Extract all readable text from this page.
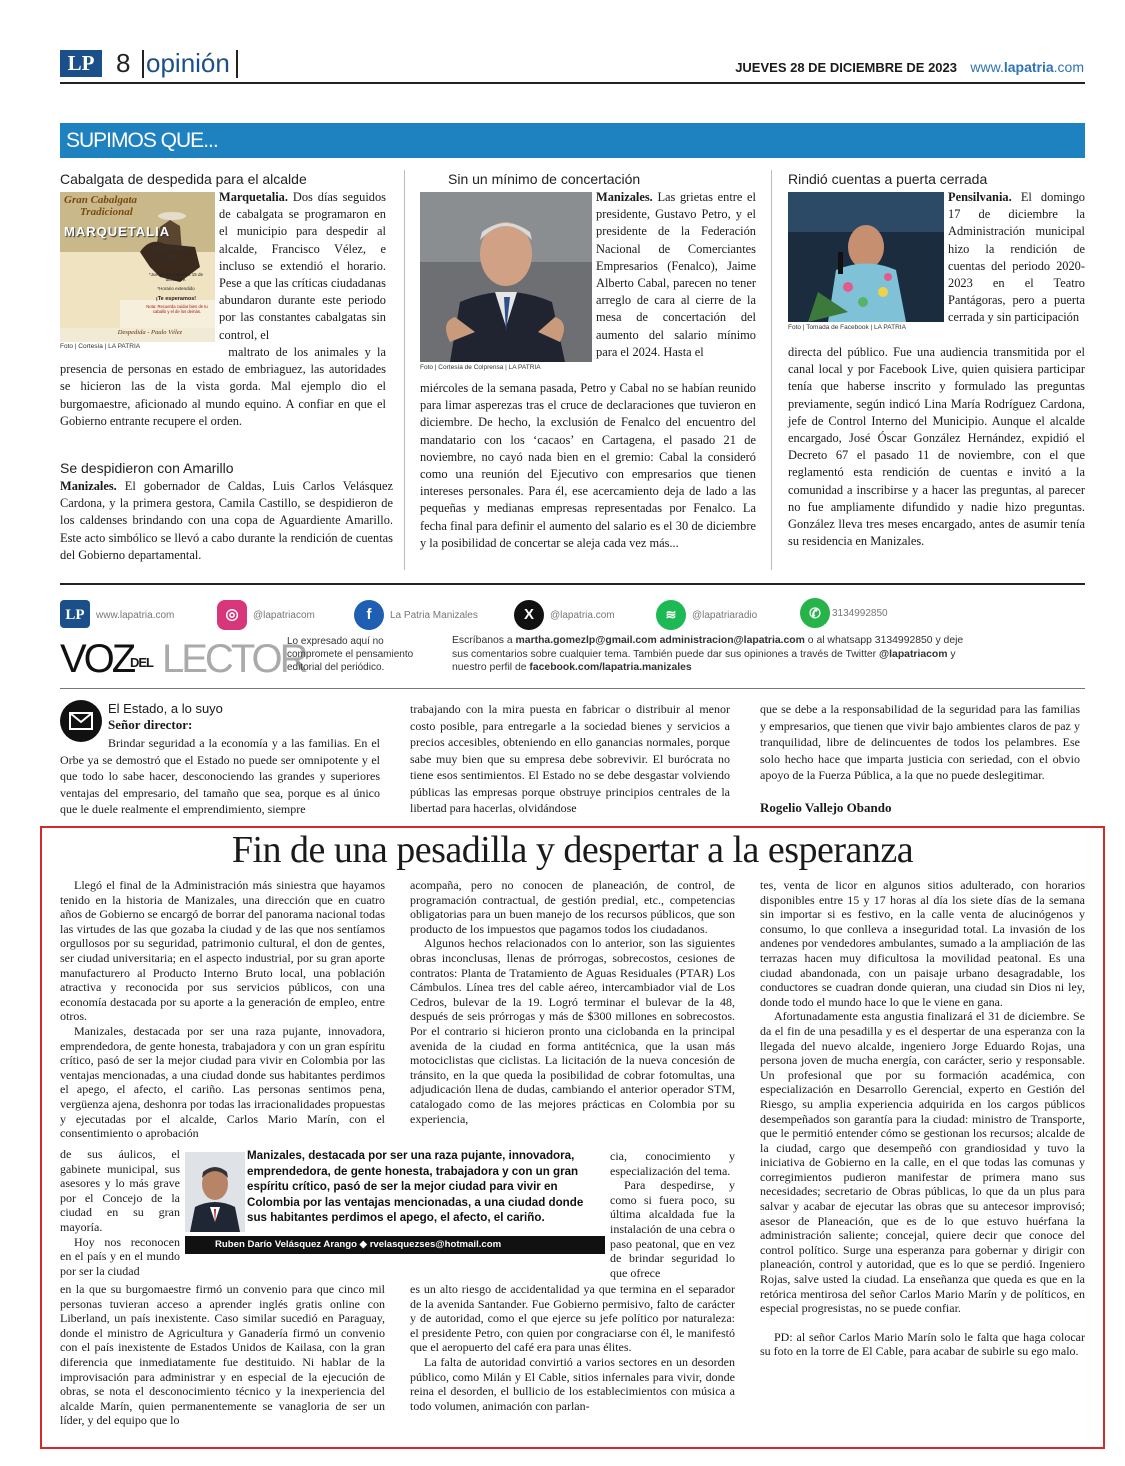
LP 8 opinión	JUEVES 28 DE DICIEMBRE DE 2023 www.lapatria.com
SUPIMOS QUE...
Cabalgata de despedida para el alcalde
Gran Cabalgata
Tradicional
MARQUETALIA
Ven a montar
café
*Jueves 14 y viernes 15 de diciembre.
*Horario extendido
¡Te esperamos!
Nota: Recuerda cuidar bien de tu caballo y el de los demás.
Despedida - Paulo Vélez
Foto | Cortesía | LA PATRIA
Marquetalia. Dos días seguidos de cabalgata se programaron en el municipio para despedir al alcalde, Francisco Vélez, e incluso se extendió el horario. Pese a que las críticas ciudadanas abundaron durante este periodo por las constantes cabalgatas sin control, el
maltrato de los animales y la presencia de personas en estado de embriaguez, las autoridades se hicieron las de la vista gorda. Mal ejemplo dio el burgomaestre, aficionado al mundo equino. A confiar en que el Gobierno entrante recupere el orden.
Se despidieron con Amarillo
Manizales. El gobernador de Caldas, Luis Carlos Velásquez Cardona, y la primera gestora, Camila Castillo, se despidieron de los caldenses brindando con una copa de Aguardiente Amarillo. Este acto simbólico se llevó a cabo durante la rendición de cuentas del Gobierno departamental.
Sin un mínimo de concertación
Foto | Cortesía de Colprensa | LA PATRIA
Manizales. Las grietas entre el presidente, Gustavo Petro, y el presidente de la Federación Nacional de Comerciantes Empresarios (Fenalco), Jaime Alberto Cabal, parecen no tener arreglo de cara al cierre de la mesa de concertación del aumento del salario mínimo para el 2024. Hasta el
miércoles de la semana pasada, Petro y Cabal no se habían reunido para limar asperezas tras el cruce de declaraciones que tuvieron en diciembre. De hecho, la exclusión de Fenalco del encuentro del mandatario con los ‘cacaos’ en Cartagena, el pasado 21 de noviembre, no cayó nada bien en el gremio: Cabal la consideró como una reunión del Ejecutivo con empresarios que tienen intereses personales. Para él, ese acercamiento deja de lado a las pequeñas y medianas empresas representadas por Fenalco. La fecha final para definir el aumento del salario es el 30 de diciembre y la posibilidad de concertar se aleja cada vez más...
Rindió cuentas a puerta cerrada
Foto | Tomada de Facebook | LA PATRIA
Pensilvania. El domingo 17 de diciembre la Administración municipal hizo la rendición de cuentas del periodo 2020-2023 en el Teatro Pantágoras, pero a puerta cerrada y sin participación
directa del público. Fue una audiencia transmitida por el canal local y por Facebook Live, quien quisiera participar tenía que haberse inscrito y formulado las preguntas previamente, según indicó Lina María Rodríguez Cardona, jefe de Control Interno del Municipio. Aunque el alcalde encargado, José Óscar González Hernández, expidió el Decreto 67 el pasado 11 de noviembre, con el que reglamentó esta rendición de cuentas e invitó a la comunidad a inscribirse y a hacer las preguntas, al parecer no fue ampliamente difundido y nadie hizo preguntas. González lleva tres meses encargado, antes de asumir tenía su residencia en Manizales.
LP	www.lapatria.com	◎	@lapatriacom	f	La Patria Manizales	X	@lapatria.com	≋	@lapatriaradio	✆	3134992850
VOZ
DEL LECTOR
Lo expresado aquí no compromete el pensamiento editorial del periódico.
Escríbanos a martha.gomezlp@gmail.com administracion@lapatria.com o al whatsapp 3134992850 y deje sus comentarios sobre cualquier tema. También puede dar sus opiniones a través de Twitter @lapatriacom y nuestro perfil de facebook.com/lapatria.manizales
El Estado, a lo suyo
Señor director:
Brindar seguridad a la economía y a las familias. En el Orbe ya se demostró que el Estado no puede ser omnipotente y el que todo lo sabe hacer, desconociendo las grandes y superiores ventajas del empresario, del tamaño que sea, porque es al único que le duele realmente el emprendimiento, siempre
trabajando con la mira puesta en fabricar o distribuir al menor costo posible, para entregarle a la sociedad bienes y servicios a precios accesibles, obteniendo en ello ganancias normales, porque sabe muy bien que su empresa debe sobrevivir. El burócrata no tiene esos sentimientos. El Estado no se debe desgastar volviendo públicas las empresas porque obstruye principios centrales de la libertad para hacerlas, olvidándose
que se debe a la responsabilidad de la seguridad para las familias y empresarios, que tienen que vivir bajo ambientes claros de paz y tranquilidad, libre de delincuentes de todos los pelambres. Ese solo hecho hace que imparta justicia con seriedad, con el obvio apoyo de la Fuerza Pública, a la que no puede deslegitimar.
Rogelio Vallejo Obando
Fin de una pesadilla y despertar a la esperanza

Llegó el final de la Administración más siniestra que hayamos tenido en la historia de Manizales, una dirección que en cuatro años de Gobierno se encargó de borrar del panorama nacional todas las virtudes de las que gozaba la ciudad y de las que nos sentíamos orgullosos por su seguridad, patrimonio cultural, el don de gentes, ser ciudad universitaria; en el aspecto industrial, por su gran aporte manufacturero al Producto Interno Bruto local, una población atractiva y reconocida por sus servicios públicos, con una economía destacada por su aporte a la generación de empleo, entre otros.

Manizales, destacada por ser una raza pujante, innovadora, emprendedora, de gente honesta, trabajadora y con un gran espíritu crítico, pasó de ser la mejor ciudad para vivir en Colombia por las ventajas mencionadas, a una ciudad donde sus habitantes perdimos el apego, el afecto, el cariño. Las personas sentimos pena, vergüenza ajena, deshonra por todas las irracionalidades propuestas y ejecutadas por el alcalde, Carlos Mario Marín, con el consentimiento o aprobación

de sus áulicos, el gabinete municipal, sus asesores y lo más grave por el Concejo de la ciudad en su gran mayoría.

Hoy nos reconocen en el país y en el mundo por ser la ciudad

en la que su burgomaestre firmó un convenio para que cinco mil personas tuvieran acceso a aprender inglés gratis online con Liberland, un país inexistente. Caso similar sucedió en Paraguay, donde el ministro de Agricultura y Ganadería firmó un convenio con el país inexistente de Estados Unidos de Kailasa, con la gran diferencia que inmediatamente fue destituido. Ni hablar de la improvisación para administrar y en especial de la ejecución de obras, se nota el desconocimiento técnico y la inexperiencia del alcalde Marín, quien permanentemente se vanagloria de ser un líder, y del equipo que lo

acompaña, pero no conocen de planeación, de control, de programación contractual, de gestión predial, etc., competencias obligatorias para un buen manejo de los recursos públicos, que son producto de los impuestos que pagamos todos los ciudadanos.

Algunos hechos relacionados con lo anterior, son las siguientes obras inconclusas, llenas de prórrogas, sobrecostos, cesiones de contratos: Planta de Tratamiento de Aguas Residuales (PTAR) Los Cámbulos. Línea tres del cable aéreo, intercambiador vial de Los Cedros, bulevar de la 19. Logró terminar el bulevar de la 48, después de seis prórrogas y más de $300 millones en sobrecostos. Por el contrario si hicieron pronto una ciclobanda en la principal avenida de la ciudad en forma antitécnica, que la usan más motociclistas que ciclistas. La licitación de la nueva concesión de tránsito, en la que queda la posibilidad de cobrar fotomultas, una adjudicación llena de dudas, cambiando el anterior operador STM, catalogado como de las mejores prácticas en Colombia por su experiencia,

cia, conocimiento y especialización del tema.

Para despedirse, y como si fuera poco, su última alcaldada fue la instalación de una cebra o paso peatonal, que en vez de brindar seguridad lo que ofrece

es un alto riesgo de accidentalidad ya que termina en el separador de la avenida Santander. Fue Gobierno permisivo, falto de carácter y de autoridad, como el que ejerce su jefe político por naturaleza: el presidente Petro, con quien por congraciarse con él, le manifestó que el aeropuerto del café era para unas élites.

La falta de autoridad convirtió a varios sectores en un desorden público, como Milán y El Cable, sitios infernales para vivir, donde reina el desorden, el bullicio de los establecimientos con música a todo volumen, animación con parlan-

Manizales, destacada por ser una raza pujante, innovadora, emprendedora, de gente honesta, trabajadora y con un gran espíritu crítico, pasó de ser la mejor ciudad para vivir en Colombia por las ventajas mencionadas, a una ciudad donde sus habitantes perdimos el apego, el afecto, el cariño.
Ruben Darío Velásquez Arango ◆ rvelasquezses@hotmail.com

tes, venta de licor en algunos sitios adulterado, con horarios disponibles entre 15 y 17 horas al día los siete días de la semana sin importar si es festivo, en la calle venta de alucinógenos y consumo, lo que conlleva a inseguridad total. La invasión de los andenes por vendedores ambulantes, sumado a la ampliación de las terrazas hacen muy dificultosa la movilidad peatonal. Es una ciudad abandonada, con un paisaje urbano desagradable, los conductores se cuadran donde quieran, una ciudad sin Dios ni ley, donde todo el mundo hace lo que le viene en gana.

Afortunadamente esta angustia finalizará el 31 de diciembre. Se da el fin de una pesadilla y es el despertar de una esperanza con la llegada del nuevo alcalde, ingeniero Jorge Eduardo Rojas, una persona joven de mucha energía, con carácter, serio y responsable. Un profesional que por su formación académica, con especialización en Desarrollo Gerencial, experto en Gestión del Riesgo, su amplia experiencia adquirida en los cargos públicos desempeñados son garantía para la ciudad: ministro de Transporte, que le permitió entender cómo se gestionan los recursos; alcalde de la ciudad, cargo que desempeñó con grandiosidad y tuvo la iniciativa de Gobierno en la calle, en el que todas las comunas y corregimientos pudieron manifestar de primera mano sus necesidades; secretario de Obras públicas, lo que da un plus para salvar y acabar de ejecutar las obras que su antecesor improvisó; asesor de Planeación, que es de lo que estuvo huérfana la administración saliente; concejal, quiere decir que conoce del control político. Surge una esperanza para gobernar y dirigir con planeación, control y autoridad, que es lo que se perdió. Ingeniero Rojas, salve usted la ciudad. La enseñanza que queda es que en la retórica mentirosa del señor Carlos Mario Marín y de políticos, en especial progresistas, no se puede confiar.

PD: al señor Carlos Mario Marín solo le falta que haga colocar su foto en la torre de El Cable, para acabar de subirle su ego malo.
